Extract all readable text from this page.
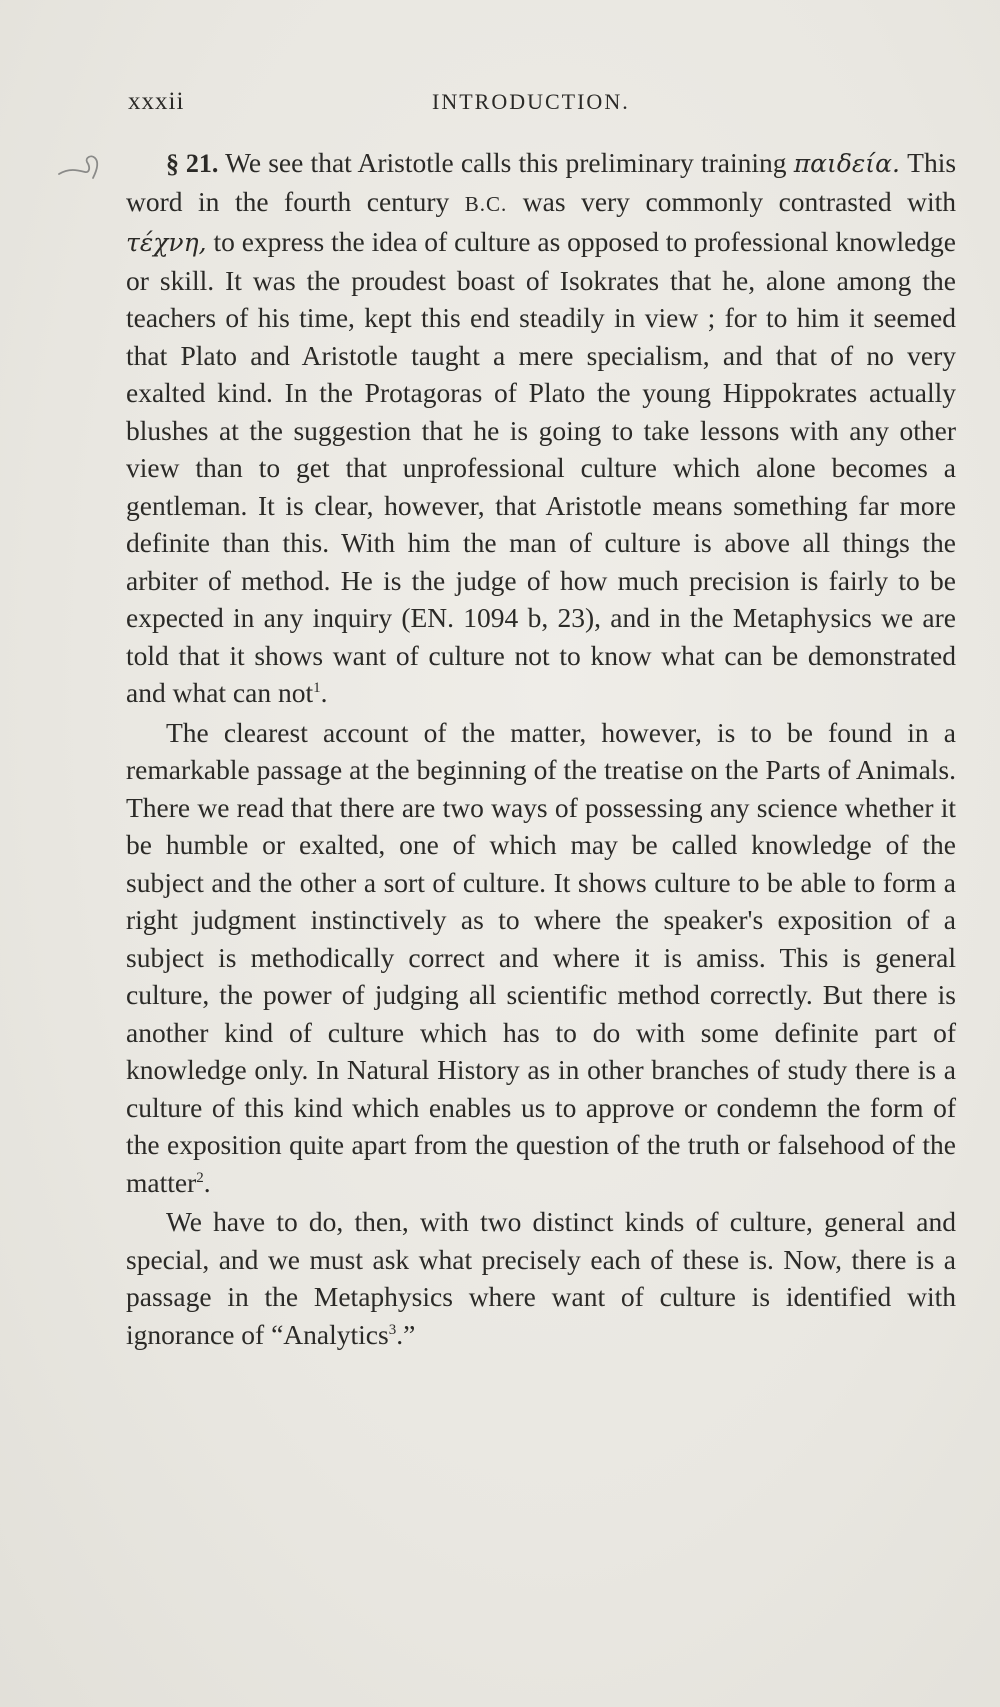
xxxii	INTRODUCTION.

§ 21. We see that Aristotle calls this preliminary training παιδεία. This word in the fourth century B.C. was very commonly contrasted with τέχνη, to express the idea of culture as opposed to professional knowledge or skill. It was the proudest boast of Isokrates that he, alone among the teachers of his time, kept this end steadily in view ; for to him it seemed that Plato and Aristotle taught a mere specialism, and that of no very exalted kind. In the Protagoras of Plato the young Hippokrates actually blushes at the suggestion that he is going to take lessons with any other view than to get that unprofessional culture which alone becomes a gentleman. It is clear, however, that Aristotle means something far more definite than this. With him the man of culture is above all things the arbiter of method. He is the judge of how much precision is fairly to be expected in any inquiry (EN. 1094 b, 23), and in the Metaphysics we are told that it shows want of culture not to know what can be demonstrated and what can not$^1$.

The clearest account of the matter, however, is to be found in a remarkable passage at the beginning of the treatise on the Parts of Animals. There we read that there are two ways of possessing any science whether it be humble or exalted, one of which may be called knowledge of the subject and the other a sort of culture. It shows culture to be able to form a right judgment instinctively as to where the speaker's exposition of a subject is methodically correct and where it is amiss. This is general culture, the power of judging all scientific method correctly. But there is another kind of culture which has to do with some definite part of knowledge only. In Natural History as in other branches of study there is a culture of this kind which enables us to approve or condemn the form of the exposition quite apart from the question of the truth or falsehood of the matter$^2$.

We have to do, then, with two distinct kinds of culture, general and special, and we must ask what precisely each of these is. Now, there is a passage in the Metaphysics where want of culture is identified with ignorance of “Analytics$^3$.”
